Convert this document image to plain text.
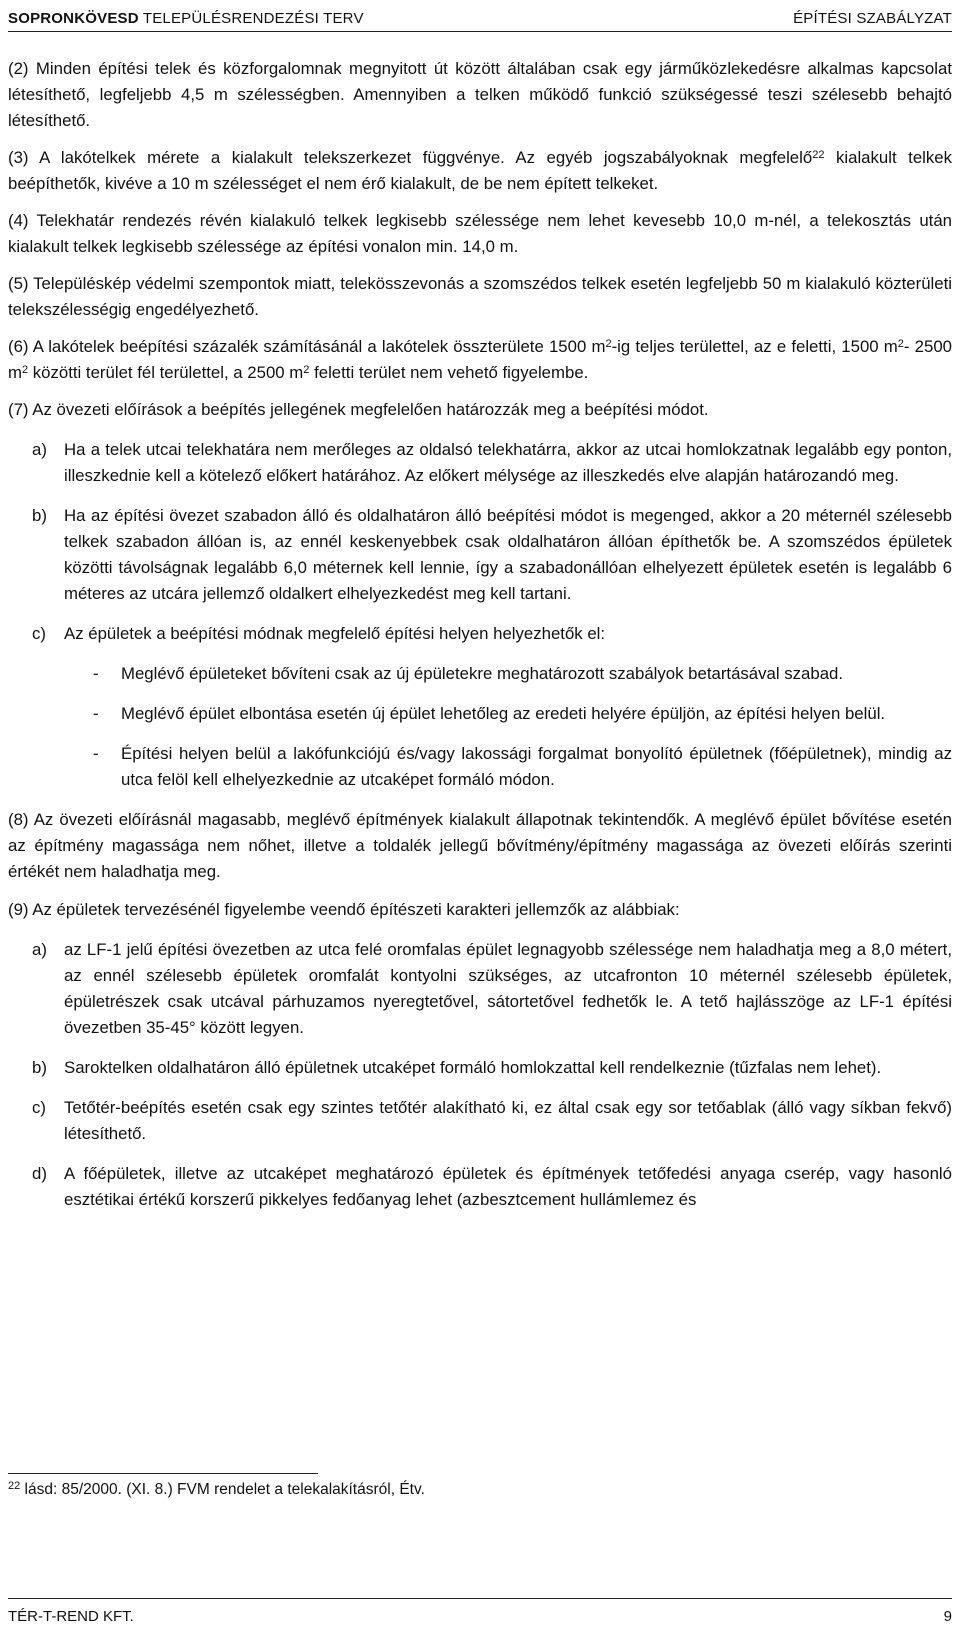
SOPRONKÖVESD TELEPÜLÉSRENDEZÉSI TERV	ÉPÍTÉSI SZABÁLYZAT

(2) Minden építési telek és közforgalomnak megnyitott út között általában csak egy járműközlekedésre alkalmas kapcsolat létesíthető, legfeljebb 4,5 m szélességben. Amennyiben a telken működő funkció szükségessé teszi szélesebb behajtó létesíthető.

(3) A lakótelkek mérete a kialakult telekszerkezet függvénye. Az egyéb jogszabályoknak megfelelő$^{22}$ kialakult telkek beépíthetők, kivéve a 10 m szélességet el nem érő kialakult, de be nem épített telkeket.

(4) Telekhatár rendezés révén kialakuló telkek legkisebb szélessége nem lehet kevesebb 10,0 m-nél, a telekosztás után kialakult telkek legkisebb szélessége az építési vonalon min. 14,0 m.

(5) Településkép védelmi szempontok miatt, telekösszevonás a szomszédos telkek esetén legfeljebb 50 m kialakuló közterületi telekszélességig engedélyezhető.

(6) A lakótelek beépítési százalék számításánál a lakótelek összterülete 1500 $m^2-ig$ teljes területtel, az e feletti, 1500 $m^2-$ 2500 $m^2$ közötti terület fél területtel, a 2500 $m^2$ feletti terület nem vehető figyelembe.

(7) Az övezeti előírások a beépítés jellegének megfelelően határozzák meg a beépítési módot.

a)	Ha a telek utcai telekhatára nem merőleges az oldalsó telekhatárra, akkor az utcai homlokzatnak legalább egy ponton, illeszkednie kell a kötelező előkert határához. Az előkert mélysége az illeszkedés elve alapján határozandó meg.
b)	Ha az építési övezet szabadon álló és oldalhatáron álló beépítési módot is megenged, akkor a 20 méternél szélesebb telkek szabadon állóan is, az ennél keskenyebbek csak oldalhatáron állóan építhetők be. A szomszédos épületek közötti távolságnak legalább 6,0 méternek kell lennie, így a szabadonállóan elhelyezett épületek esetén is legalább 6 méteres az utcára jellemző oldalkert elhelyezkedést meg kell tartani.
c)	Az épületek a beépítési módnak megfelelő építési helyen helyezhetők el:
-	Meglévő épületeket bővíteni csak az új épületekre meghatározott szabályok betartásával szabad.
-	Meglévő épület elbontása esetén új épület lehetőleg az eredeti helyére épüljön, az építési helyen belül.
-	Építési helyen belül a lakófunkciójú és/vagy lakossági forgalmat bonyolító épületnek (főépületnek), mindig az utca felöl kell elhelyezkednie az utcaképet formáló módon.

(8) Az övezeti előírásnál magasabb, meglévő építmények kialakult állapotnak tekintendők. A meglévő épület bővítése esetén az építmény magassága nem nőhet, illetve a toldalék jellegű bővítmény/építmény magassága az övezeti előírás szerinti értékét nem haladhatja meg.

(9) Az épületek tervezésénél figyelembe veendő építészeti karakteri jellemzők az alábbiak:

a)	az LF-1 jelű építési övezetben az utca felé oromfalas épület legnagyobb szélessége nem haladhatja meg a 8,0 métert, az ennél szélesebb épületek oromfalát kontyolni szükséges, az utcafronton 10 méternél szélesebb épületek, épületrészek csak utcával párhuzamos nyeregtetővel, sátortetővel fedhetők le. A tető hajlásszöge az LF-1 építési övezetben 35-45° között legyen.
b)	Saroktelken oldalhatáron álló épületnek utcaképet formáló homlokzattal kell rendelkeznie (tűzfalas nem lehet).
c)	Tetőtér-beépítés esetén csak egy szintes tetőtér alakítható ki, ez által csak egy sor tetőablak (álló vagy síkban fekvő) létesíthető.
d)	A főépületek, illetve az utcaképet meghatározó épületek és építmények tetőfedési anyaga cserép, vagy hasonló esztétikai értékű korszerű pikkelyes fedőanyag lehet (azbesztcement hullámlemez és
$^{22}$ lásd: 85/2000. (XI. 8.) FVM rendelet a telekalakításról, Étv.
TÉR-T-REND KFT.	9
